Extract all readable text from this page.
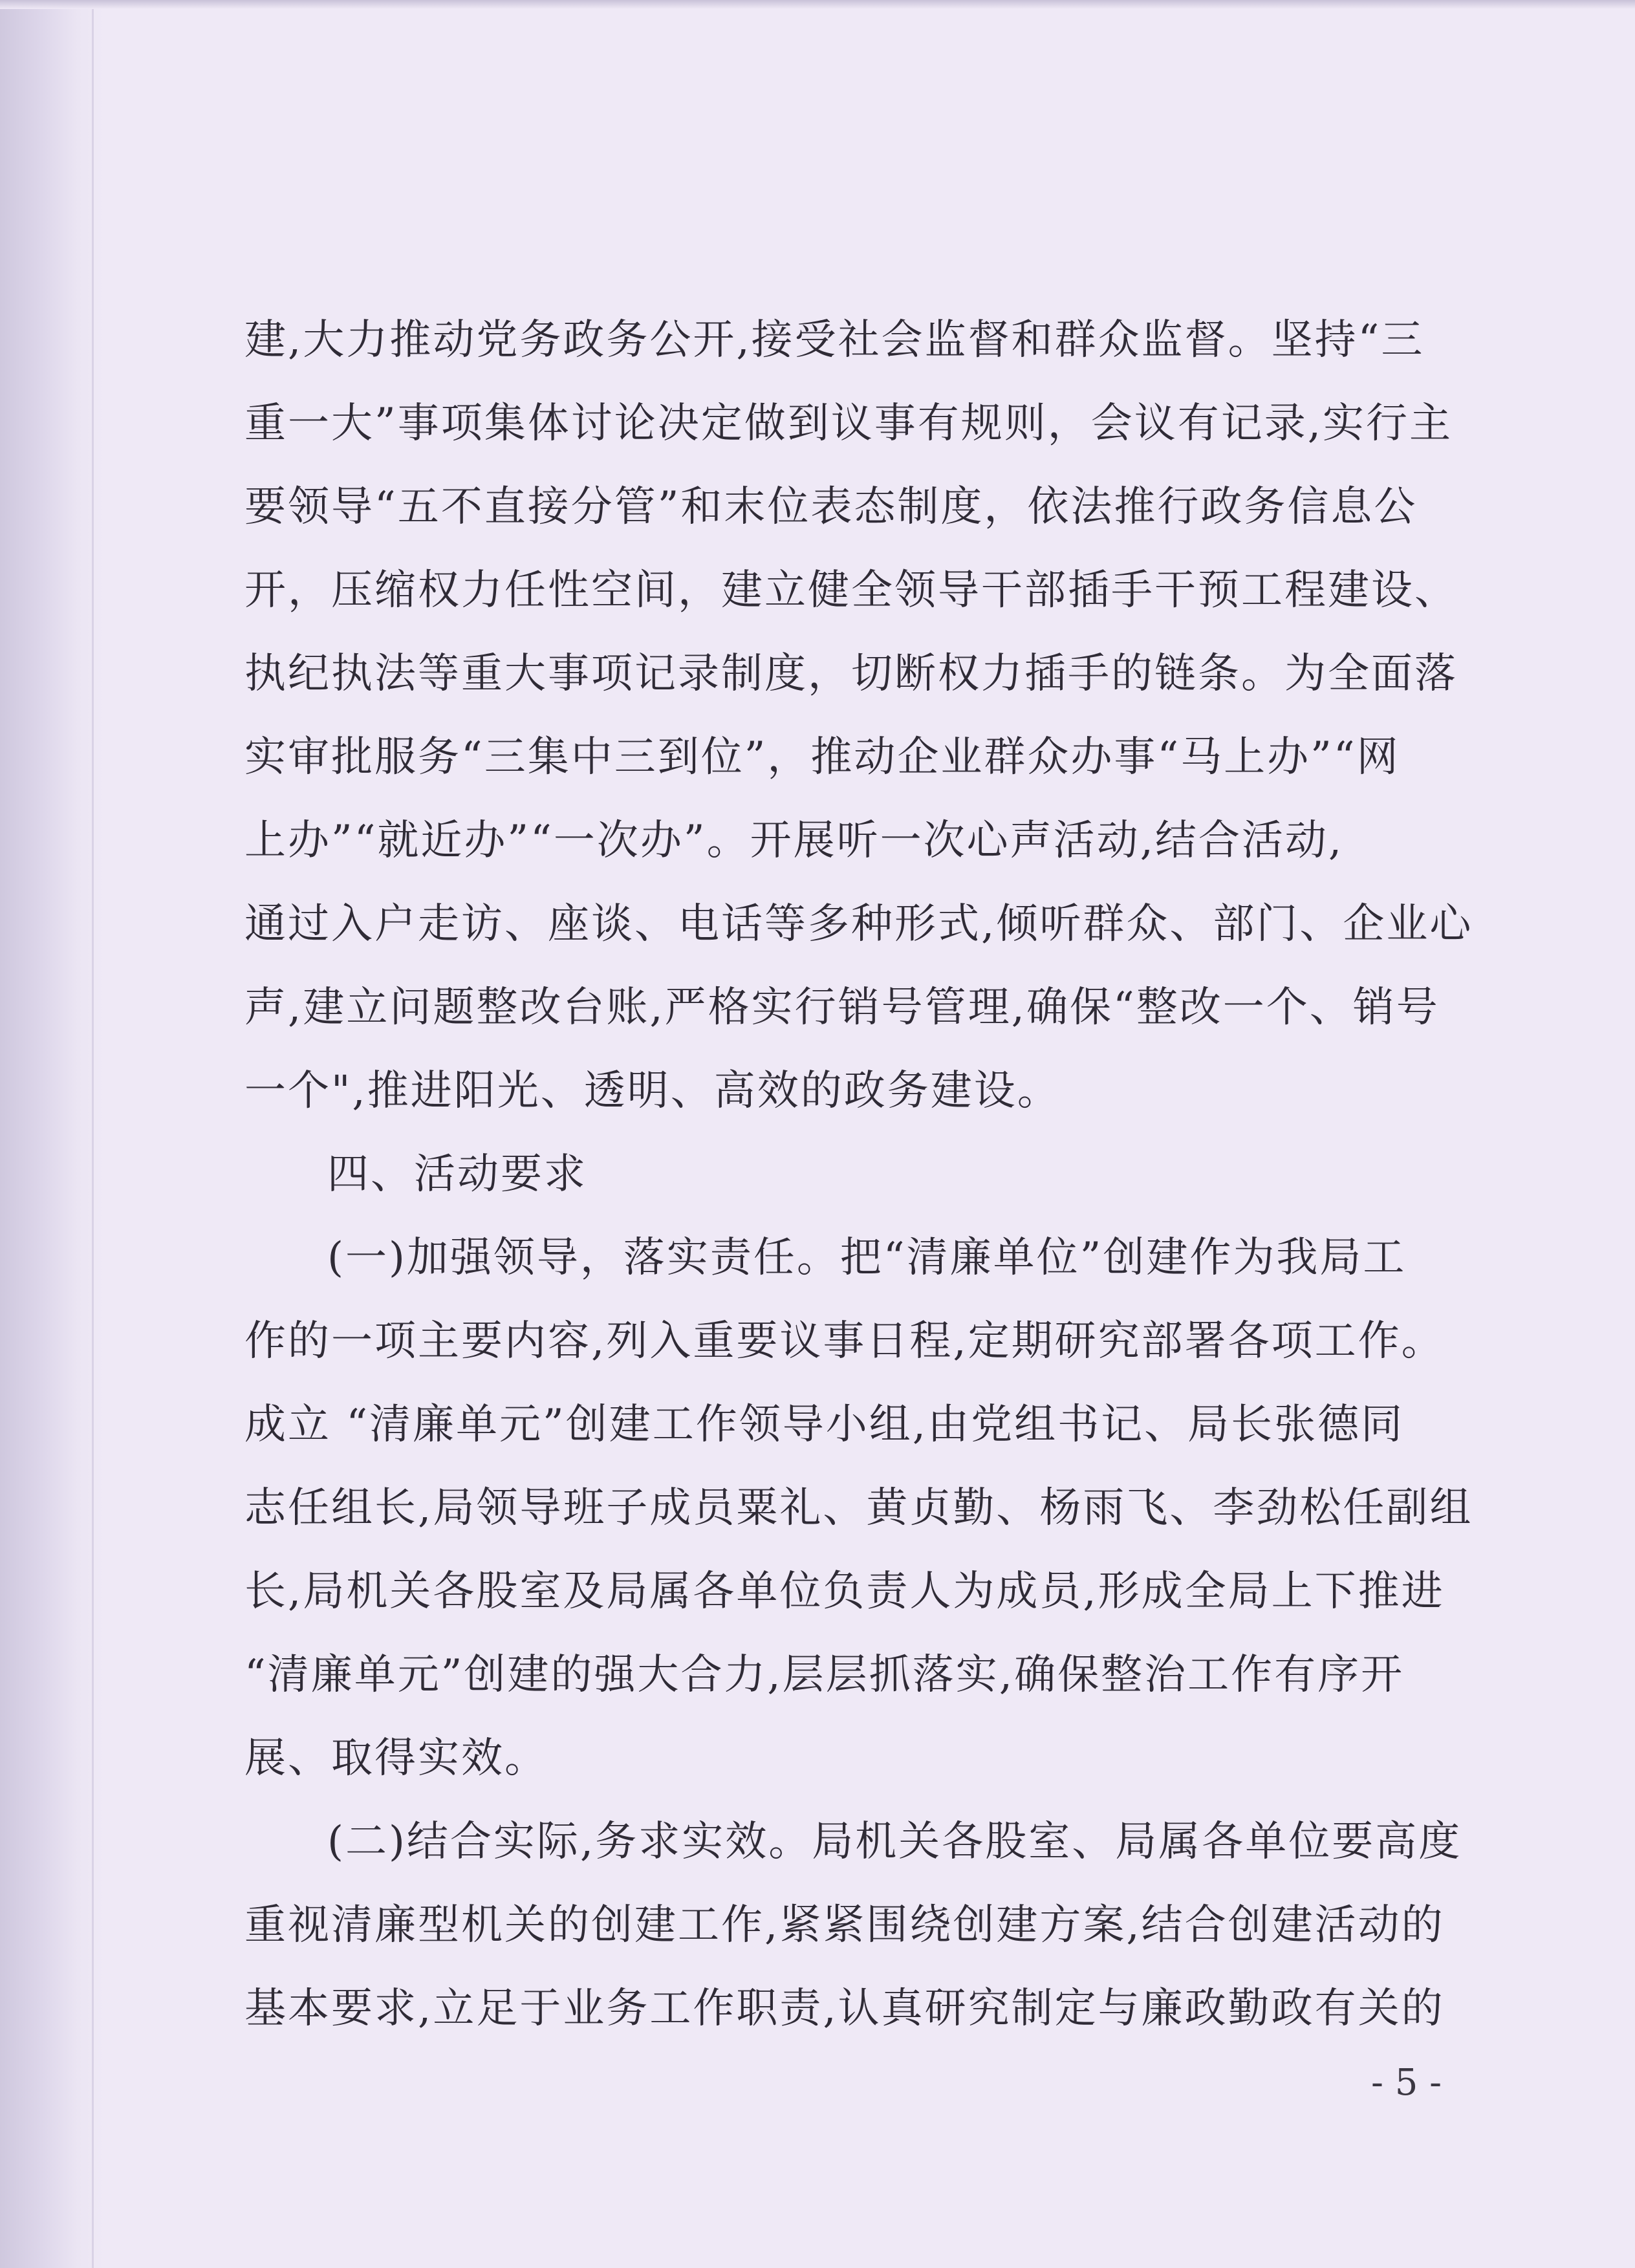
建,大力推动党务政务公开,接受社会监督和群众监督。坚持“三
重一大”事项集体讨论决定做到议事有规则，会议有记录,实行主
要领导“五不直接分管”和末位表态制度，依法推行政务信息公
开，压缩权力任性空间，建立健全领导干部插手干预工程建设、
执纪执法等重大事项记录制度，切断权力插手的链条。为全面落
实审批服务“三集中三到位”，推动企业群众办事“马上办”“网
上办”“就近办”“一次办”。开展听一次心声活动,结合活动,
通过入户走访、座谈、电话等多种形式,倾听群众、部门、企业心
声,建立问题整改台账,严格实行销号管理,确保“整改一个、销号
一个",推进阳光、透明、高效的政务建设。
四、活动要求
(一)加强领导，落实责任。把“清廉单位”创建作为我局工
作的一项主要内容,列入重要议事日程,定期研究部署各项工作。
成立 “清廉单元”创建工作领导小组,由党组书记、局长张德同
志任组长,局领导班子成员粟礼、黄贞勤、杨雨飞、李劲松任副组
长,局机关各股室及局属各单位负责人为成员,形成全局上下推进
“清廉单元”创建的强大合力,层层抓落实,确保整治工作有序开
展、取得实效。
(二)结合实际,务求实效。局机关各股室、局属各单位要高度
重视清廉型机关的创建工作,紧紧围绕创建方案,结合创建活动的
基本要求,立足于业务工作职责,认真研究制定与廉政勤政有关的
- 5 -
